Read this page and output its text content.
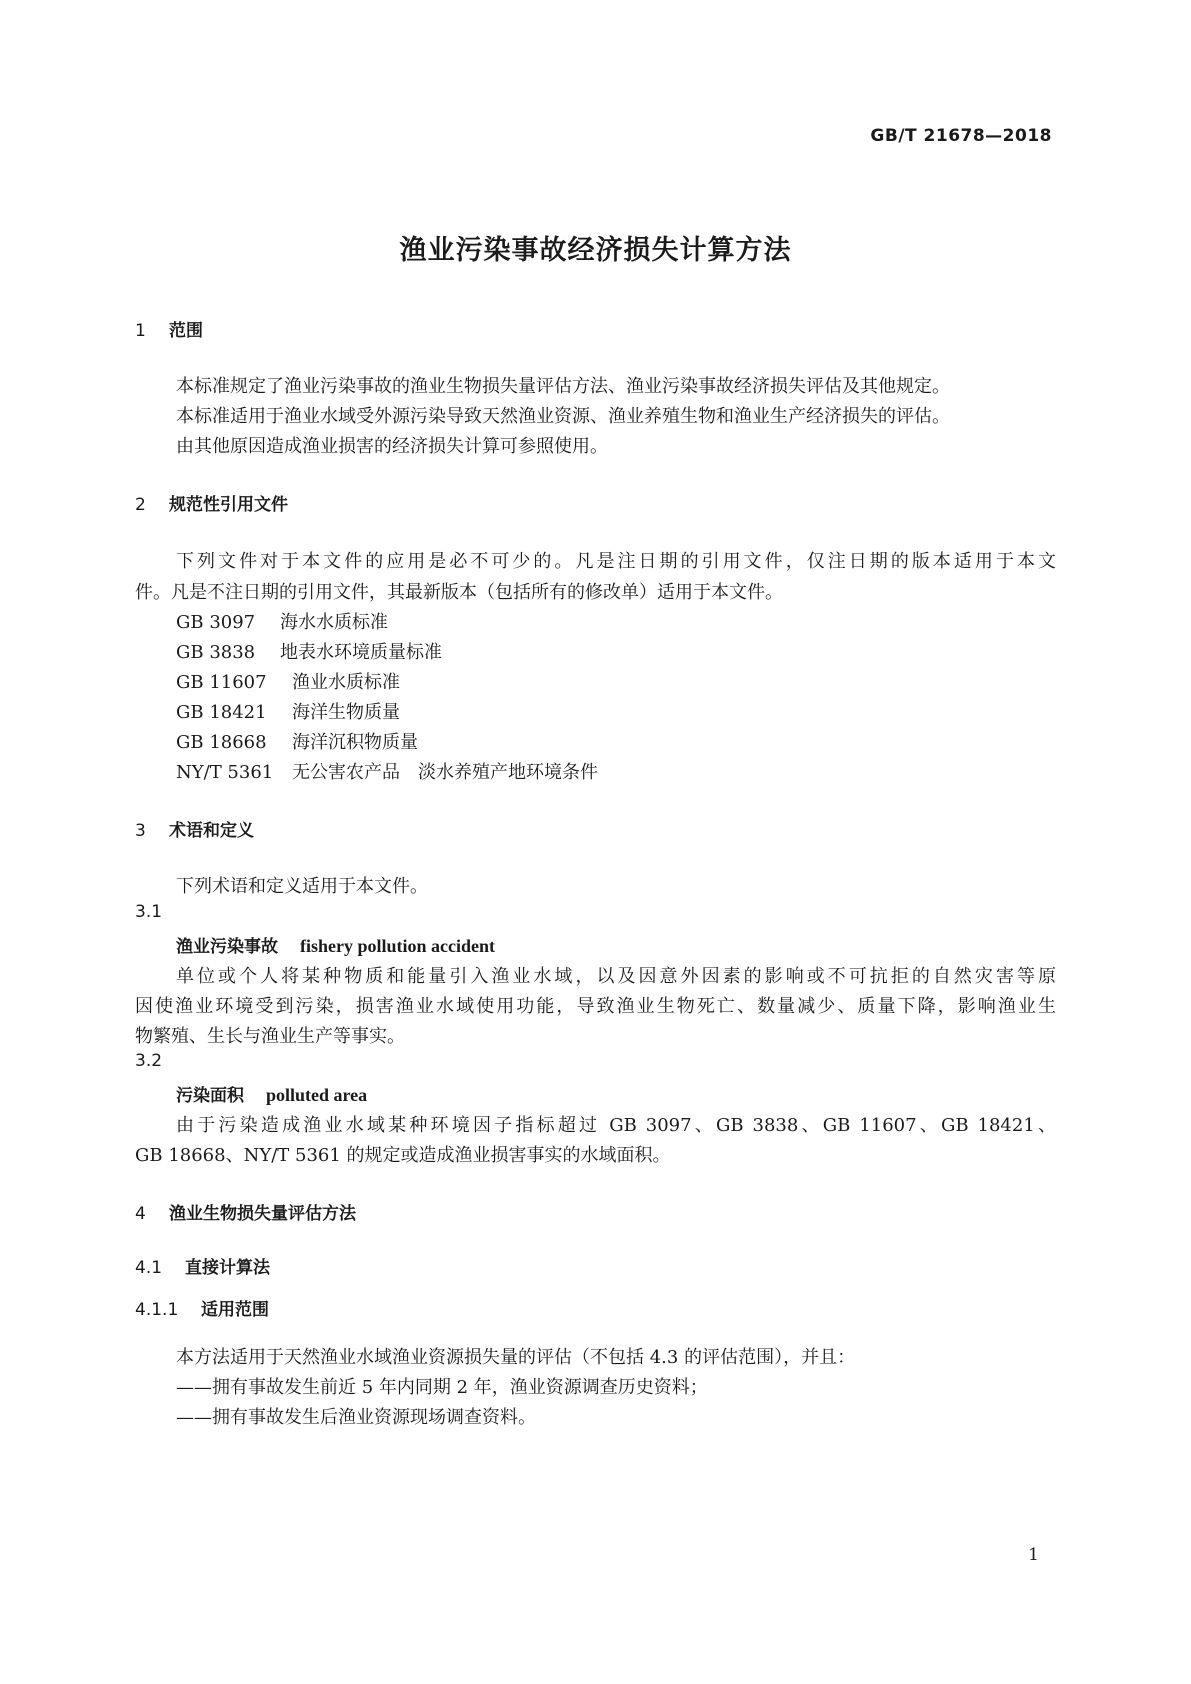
GB/T 21678—2018
渔业污染事故经济损失计算方法
1 范围
本标准规定了渔业污染事故的渔业生物损失量评估方法、渔业污染事故经济损失评估及其他规定。
本标准适用于渔业水域受外源污染导致天然渔业资源、渔业养殖生物和渔业生产经济损失的评估。
由其他原因造成渔业损害的经济损失计算可参照使用。
2 规范性引用文件
下列文件对于本文件的应用是必不可少的。凡是注日期的引用文件，仅注日期的版本适用于本文
件。凡是不注日期的引用文件，其最新版本（包括所有的修改单）适用于本文件。
GB 3097 海水水质标准
GB 3838 地表水环境质量标准
GB 11607 渔业水质标准
GB 18421 海洋生物质量
GB 18668 海洋沉积物质量
NY/T 5361 无公害农产品　淡水养殖产地环境条件
3 术语和定义
下列术语和定义适用于本文件。
3.1
渔业污染事故 fishery pollution accident
单位或个人将某种物质和能量引入渔业水域，以及因意外因素的影响或不可抗拒的自然灾害等原
因使渔业环境受到污染，损害渔业水域使用功能，导致渔业生物死亡、数量减少、质量下降，影响渔业生
物繁殖、生长与渔业生产等事实。
3.2
污染面积 polluted area
由于污染造成渔业水域某种环境因子指标超过 GB 3097、GB 3838、GB 11607、GB 18421、
GB 18668、NY/T 5361 的规定或造成渔业损害事实的水域面积。
4 渔业生物损失量评估方法
4.1 直接计算法
4.1.1 适用范围
本方法适用于天然渔业水域渔业资源损失量的评估（不包括 4.3 的评估范围），并且：
——拥有事故发生前近 5 年内同期 2 年，渔业资源调查历史资料；
——拥有事故发生后渔业资源现场调查资料。
1
